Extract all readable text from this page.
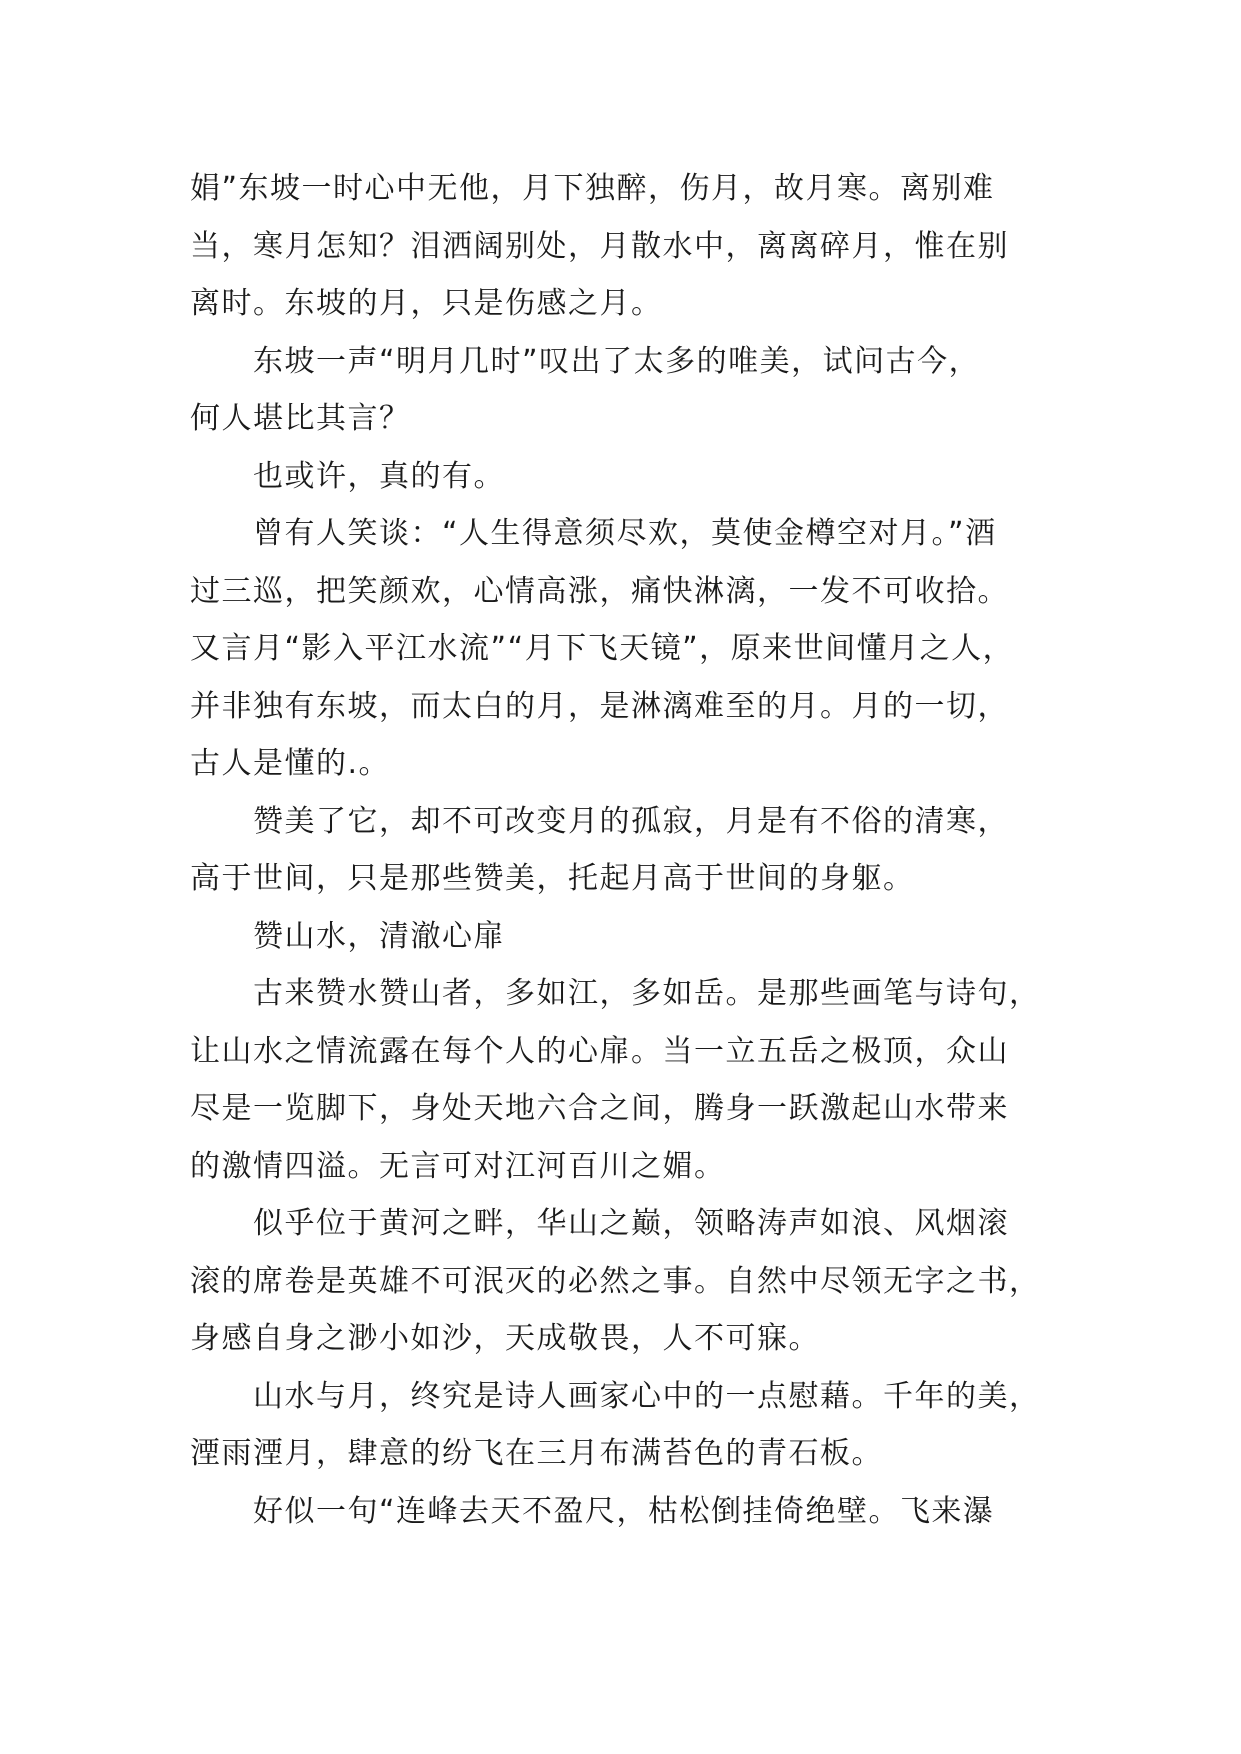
娟”东坡一时心中无他，月下独醉，伤月，故月寒。离别难
当，寒月怎知？泪洒阔别处，月散水中，离离碎月，惟在别
离时。东坡的月，只是伤感之月。
东坡一声“明月几时”叹出了太多的唯美，试问古今，
何人堪比其言？
也或许，真的有。
曾有人笑谈：“人生得意须尽欢，莫使金樽空对月。”酒
过三巡，把笑颜欢，心情高涨，痛快淋漓，一发不可收拾。
又言月“影入平江水流”“月下飞天镜”，原来世间懂月之人，
并非独有东坡，而太白的月，是淋漓难至的月。月的一切，
古人是懂的.。
赞美了它，却不可改变月的孤寂，月是有不俗的清寒，
高于世间，只是那些赞美，托起月高于世间的身躯。
赞山水，清澈心扉
古来赞水赞山者，多如江，多如岳。是那些画笔与诗句，
让山水之情流露在每个人的心扉。当一立五岳之极顶，众山
尽是一览脚下，身处天地六合之间，腾身一跃激起山水带来
的激情四溢。无言可对江河百川之媚。
似乎位于黄河之畔，华山之巅，领略涛声如浪、风烟滚
滚的席卷是英雄不可泯灭的必然之事。自然中尽领无字之书，
身感自身之渺小如沙，天成敬畏，人不可寐。
山水与月，终究是诗人画家心中的一点慰藉。千年的美，
湮雨湮月，肆意的纷飞在三月布满苔色的青石板。
好似一句“连峰去天不盈尺，枯松倒挂倚绝壁。飞来瀑
